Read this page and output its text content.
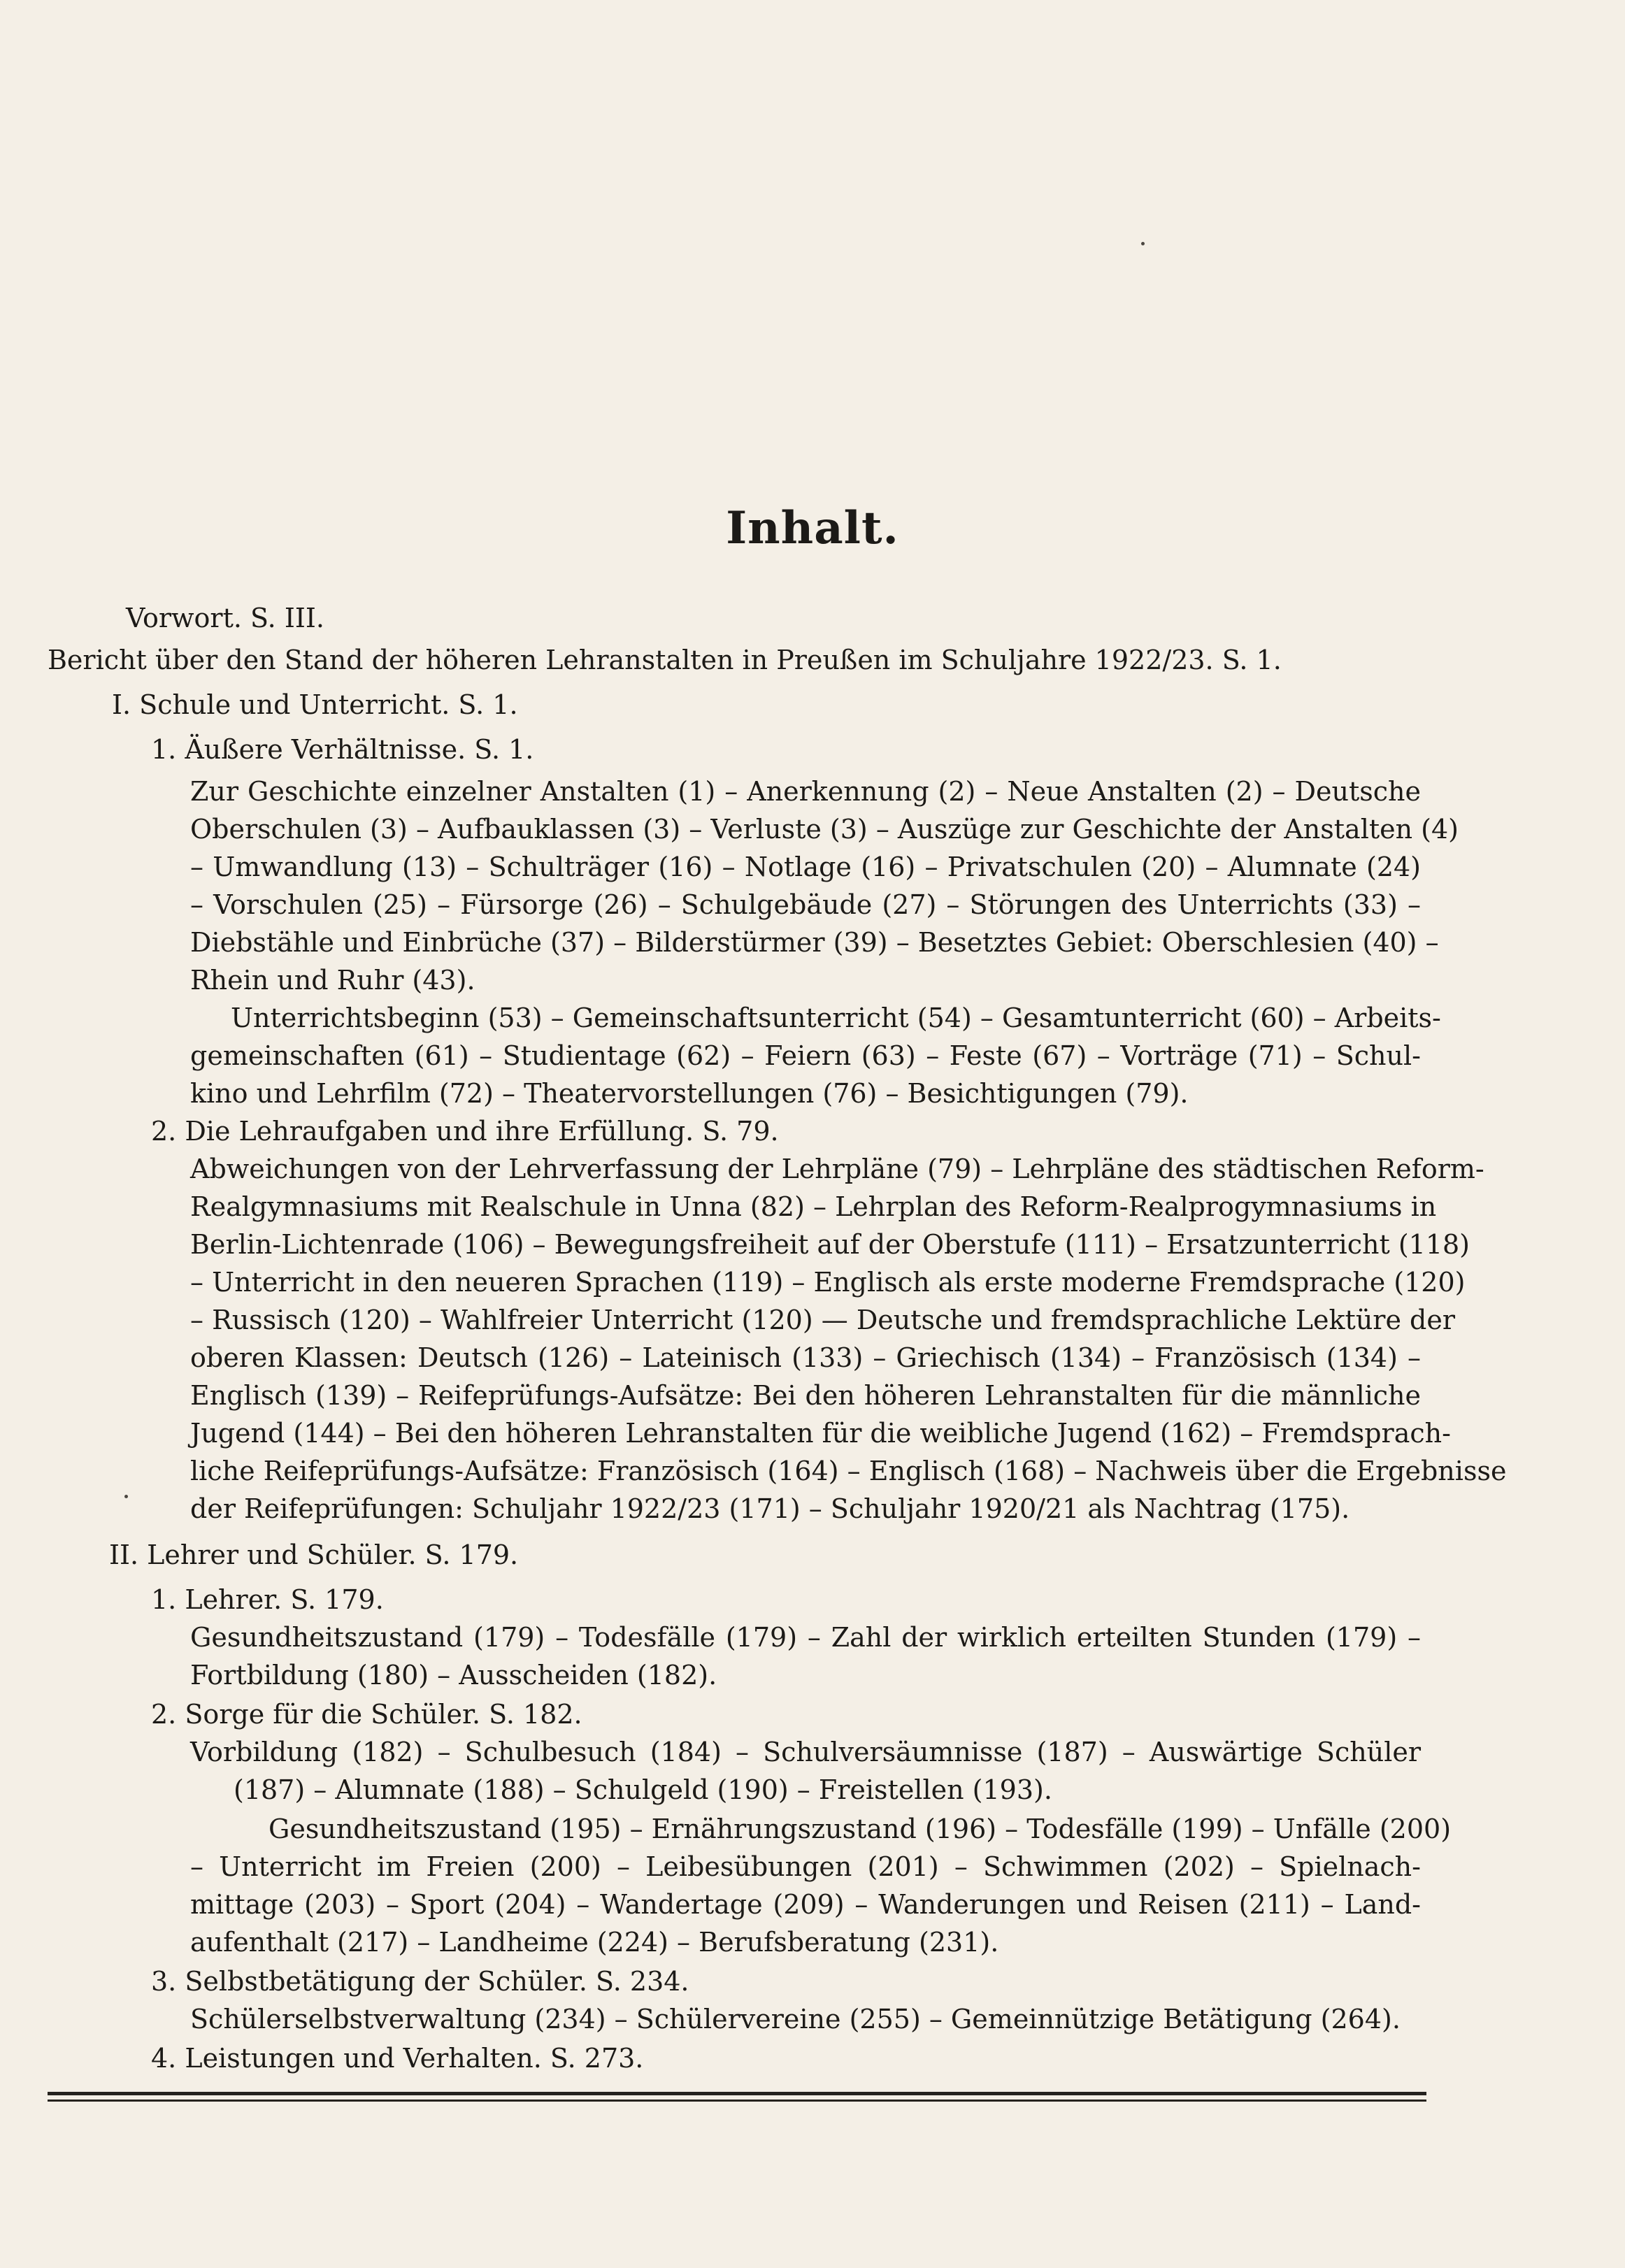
Inhalt.
Vorwort. S. III.
Bericht über den Stand der höheren Lehranstalten in Preußen im Schuljahre 1922/23. S. 1.
I. Schule und Unterricht. S. 1.
1. Äußere Verhältnisse. S. 1.
Zur Geschichte einzelner Anstalten (1) – Anerkennung (2) – Neue Anstalten (2) – Deutsche
Oberschulen (3) – Aufbauklassen (3) – Verluste (3) – Auszüge zur Geschichte der Anstalten (4)
– Umwandlung (13) – Schulträger (16) – Notlage (16) – Privatschulen (20) – Alumnate (24)
– Vorschulen (25) – Fürsorge (26) – Schulgebäude (27) – Störungen des Unterrichts (33) –
Diebstähle und Einbrüche (37) – Bilderstürmer (39) – Besetztes Gebiet: Oberschlesien (40) –
Rhein und Ruhr (43).
Unterrichtsbeginn (53) – Gemeinschaftsunterricht (54) – Gesamtunterricht (60) – Arbeits-
gemeinschaften (61) – Studientage (62) – Feiern (63) – Feste (67) – Vorträge (71) – Schul-
kino und Lehrfilm (72) – Theatervorstellungen (76) – Besichtigungen (79).
2. Die Lehraufgaben und ihre Erfüllung. S. 79.
Abweichungen von der Lehrverfassung der Lehrpläne (79) – Lehrpläne des städtischen Reform-
Realgymnasiums mit Realschule in Unna (82) – Lehrplan des Reform-Realprogymnasiums in
Berlin-Lichtenrade (106) – Bewegungsfreiheit auf der Oberstufe (111) – Ersatzunterricht (118)
– Unterricht in den neueren Sprachen (119) – Englisch als erste moderne Fremdsprache (120)
– Russisch (120) – Wahlfreier Unterricht (120) — Deutsche und fremdsprachliche Lektüre der
oberen Klassen: Deutsch (126) – Lateinisch (133) – Griechisch (134) – Französisch (134) –
Englisch (139) – Reifeprüfungs-Aufsätze: Bei den höheren Lehranstalten für die männliche
Jugend (144) – Bei den höheren Lehranstalten für die weibliche Jugend (162) – Fremdsprach-
liche Reifeprüfungs-Aufsätze: Französisch (164) – Englisch (168) – Nachweis über die Ergebnisse
der Reifeprüfungen: Schuljahr 1922/23 (171) – Schuljahr 1920/21 als Nachtrag (175).
II. Lehrer und Schüler. S. 179.
1. Lehrer. S. 179.
Gesundheitszustand (179) – Todesfälle (179) – Zahl der wirklich erteilten Stunden (179) –
Fortbildung (180) – Ausscheiden (182).
2. Sorge für die Schüler. S. 182.
Vorbildung (182) – Schulbesuch (184) – Schulversäumnisse (187) – Auswärtige Schüler
(187) – Alumnate (188) – Schulgeld (190) – Freistellen (193).
Gesundheitszustand (195) – Ernährungszustand (196) – Todesfälle (199) – Unfälle (200)
– Unterricht im Freien (200) – Leibesübungen (201) – Schwimmen (202) – Spielnach-
mittage (203) – Sport (204) – Wandertage (209) – Wanderungen und Reisen (211) – Land-
aufenthalt (217) – Landheime (224) – Berufsberatung (231).
3. Selbstbetätigung der Schüler. S. 234.
Schülerselbstverwaltung (234) – Schülervereine (255) – Gemeinnützige Betätigung (264).
4. Leistungen und Verhalten. S. 273.
